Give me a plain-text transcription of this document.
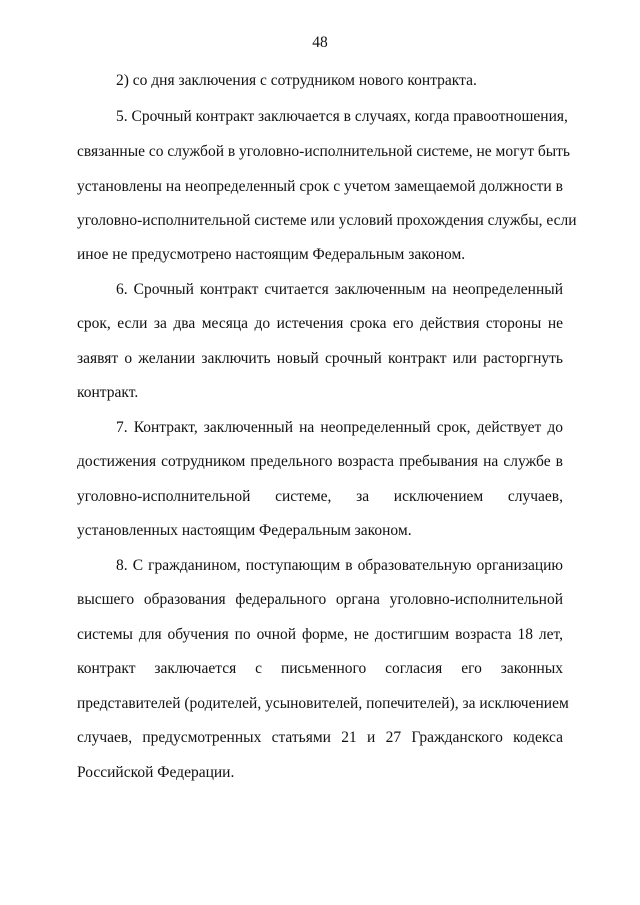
48
2) со дня заключения с сотрудником нового контракта.
5. Срочный контракт заключается в случаях, когда правоотношения,
связанные со службой в уголовно-исполнительной системе, не могут быть
установлены на неопределенный срок с учетом замещаемой должности в
уголовно-исполнительной системе или условий прохождения службы, если
иное не предусмотрено настоящим Федеральным законом.
6. Срочный контракт считается заключенным на неопределенный
срок, если за два месяца до истечения срока его действия стороны не
заявят о желании заключить новый срочный контракт или расторгнуть
контракт.
7. Контракт, заключенный на неопределенный срок, действует до
достижения сотрудником предельного возраста пребывания на службе в
уголовно-исполнительной системе, за исключением случаев,
установленных настоящим Федеральным законом.
8. С гражданином, поступающим в образовательную организацию
высшего образования федерального органа уголовно-исполнительной
системы для обучения по очной форме, не достигшим возраста 18 лет,
контракт заключается с письменного согласия его законных
представителей (родителей, усыновителей, попечителей), за исключением
случаев, предусмотренных статьями 21 и 27 Гражданского кодекса
Российской Федерации.
